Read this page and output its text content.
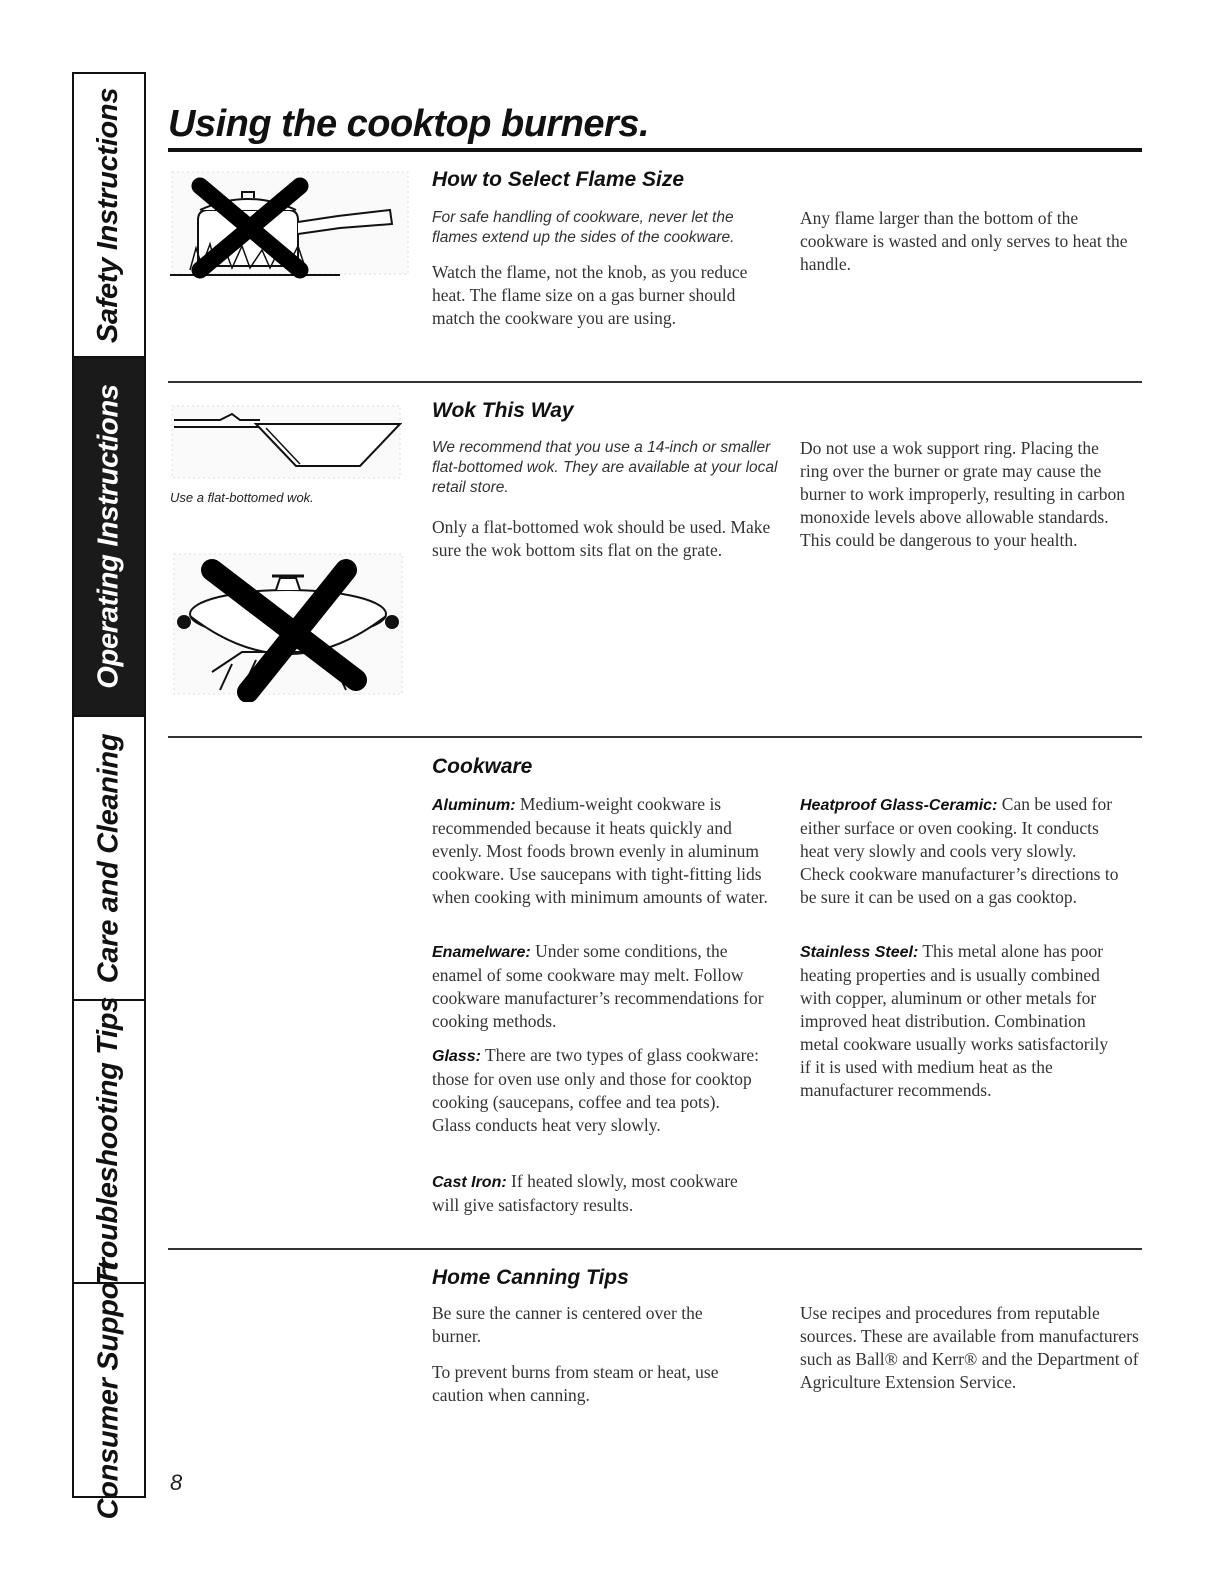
Safety Instructions
Operating Instructions
Care and Cleaning
Troubleshooting Tips
Consumer Support
Using the cooktop burners.
How to Select Flame Size

For safe handling of cookware, never let the flames extend up the sides of the cookware.

Watch the flame, not the knob, as you reduce heat. The flame size on a gas burner should match the cookware you are using.

Any flame larger than the bottom of the cookware is wasted and only serves to heat the handle.

Use a flat-bottomed wok.

Wok This Way

We recommend that you use a 14-inch or smaller flat-bottomed wok. They are available at your local retail store.

Only a flat-bottomed wok should be used. Make sure the wok bottom sits flat on the grate.

Do not use a wok support ring. Placing the ring over the burner or grate may cause the burner to work improperly, resulting in carbon monoxide levels above allowable standards. This could be dangerous to your health.

Cookware

Aluminum: Medium-weight cookware is recommended because it heats quickly and evenly. Most foods brown evenly in aluminum cookware. Use saucepans with tight-fitting lids when cooking with minimum amounts of water.

Enamelware: Under some conditions, the enamel of some cookware may melt. Follow cookware manufacturer’s recommendations for cooking methods.

Glass: There are two types of glass cookware: those for oven use only and those for cooktop cooking (saucepans, coffee and tea pots). Glass conducts heat very slowly.

Cast Iron: If heated slowly, most cookware will give satisfactory results.

Heatproof Glass-Ceramic: Can be used for either surface or oven cooking. It conducts heat very slowly and cools very slowly. Check cookware manufacturer’s directions to be sure it can be used on a gas cooktop.

Stainless Steel: This metal alone has poor heating properties and is usually combined with copper, aluminum or other metals for improved heat distribution. Combination metal cookware usually works satisfactorily if it is used with medium heat as the manufacturer recommends.

Home Canning Tips

Be sure the canner is centered over the burner.

To prevent burns from steam or heat, use caution when canning.

Use recipes and procedures from reputable sources. These are available from manufacturers such as Ball® and Kerr® and the Department of Agriculture Extension Service.

8
